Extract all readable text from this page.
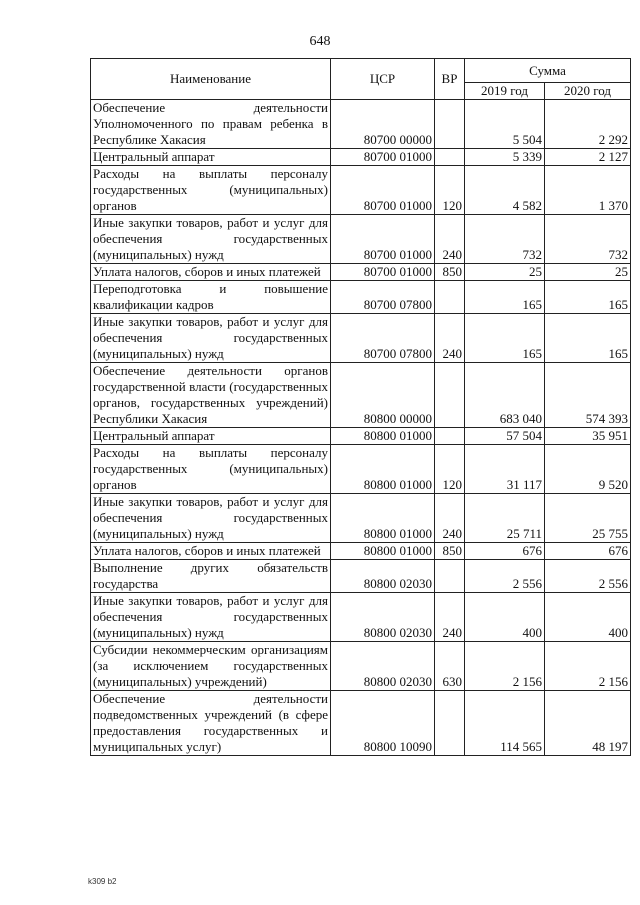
648
Наименование	ЦСР	ВР	Сумма	
			2019 год	2020 год
Обеспечение деятельности Уполномоченного по правам ребенка в Республике Хакасия	80700 00000		5 504	2 292
Центральный аппарат	80700 01000		5 339	2 127
Расходы на выплаты персоналу государственных (муниципальных) органов	80700 01000	120	4 582	1 370
Иные закупки товаров, работ и услуг для обеспечения государственных (муниципальных) нужд	80700 01000	240	732	732
Уплата налогов, сборов и иных платежей	80700 01000	850	25	25
Переподготовка и повышение квалификации кадров	80700 07800		165	165
Иные закупки товаров, работ и услуг для обеспечения государственных (муниципальных) нужд	80700 07800	240	165	165
Обеспечение деятельности органов государственной власти (государственных органов, государственных учреждений) Республики Хакасия	80800 00000		683 040	574 393
Центральный аппарат	80800 01000		57 504	35 951
Расходы на выплаты персоналу государственных (муниципальных) органов	80800 01000	120	31 117	9 520
Иные закупки товаров, работ и услуг для обеспечения государственных (муниципальных) нужд	80800 01000	240	25 711	25 755
Уплата налогов, сборов и иных платежей	80800 01000	850	676	676
Выполнение других обязательств государства	80800 02030		2 556	2 556
Иные закупки товаров, работ и услуг для обеспечения государственных (муниципальных) нужд	80800 02030	240	400	400
Субсидии некоммерческим организациям (за исключением государственных (муниципальных) учреждений)	80800 02030	630	2 156	2 156
Обеспечение деятельности подведомственных учреждений (в сфере предоставления государственных и муниципальных услуг)	80800 10090		114 565	48 197
k309 b2
